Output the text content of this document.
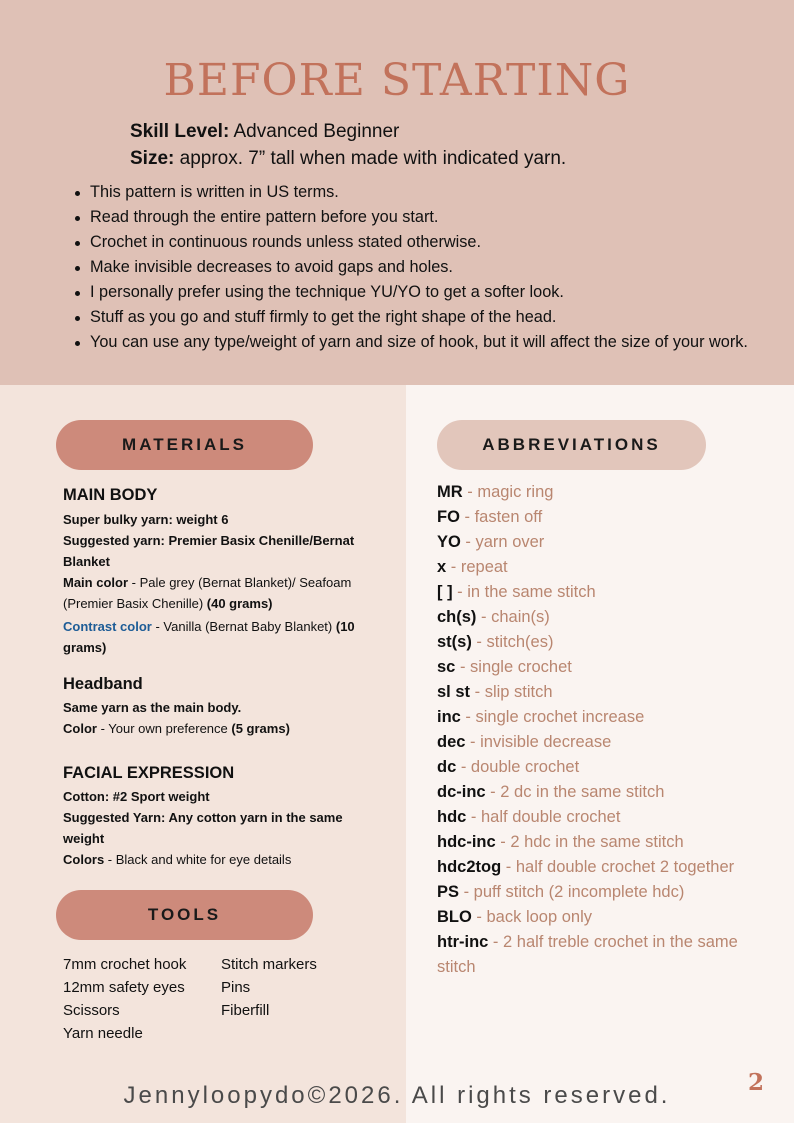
BEFORE STARTING
Skill Level: Advanced Beginner
Size: approx. 7” tall when made with indicated yarn.
This pattern is written in US terms.
Read through the entire pattern before you start.
Crochet in continuous rounds unless stated otherwise.
Make invisible decreases to avoid gaps and holes.
I personally prefer using the technique YU/YO to get a softer look.
Stuff as you go and stuff firmly to get the right shape of the head.
You can use any type/weight of yarn and size of hook, but it will affect the size of your work.
MATERIALS
MAIN BODY

Super bulky yarn: weight 6

Suggested yarn: Premier Basix Chenille/Bernat Blanket

Main color - Pale grey (Bernat Blanket)/ Seafoam (Premier Basix Chenille) (40 grams)

Contrast color - Vanilla (Bernat Baby Blanket) (10 grams)

Headband

Same yarn as the main body.

Color - Your own preference (5 grams)

FACIAL EXPRESSION

Cotton: #2 Sport weight

Suggested Yarn: Any cotton yarn in the same weight

Colors - Black and white for eye details

TOOLS
7mm crochet hook
12mm safety eyes
Scissors
Yarn needle
Stitch markers
Pins
Fiberfill
ABBREVIATIONS
MR - magic ring
FO - fasten off
YO - yarn over
x - repeat
[ ] - in the same stitch
ch(s) - chain(s)
st(s) - stitch(es)
sc - single crochet
sl st - slip stitch
inc - single crochet increase
dec - invisible decrease
dc - double crochet
dc-inc - 2 dc in the same stitch
hdc - half double crochet
hdc-inc - 2 hdc in the same stitch
hdc2tog - half double crochet 2 together
PS - puff stitch (2 incomplete hdc)
BLO - back loop only
htr-inc - 2 half treble crochet in the same stitch
Jennyloopydo©2026. All rights reserved.	2
